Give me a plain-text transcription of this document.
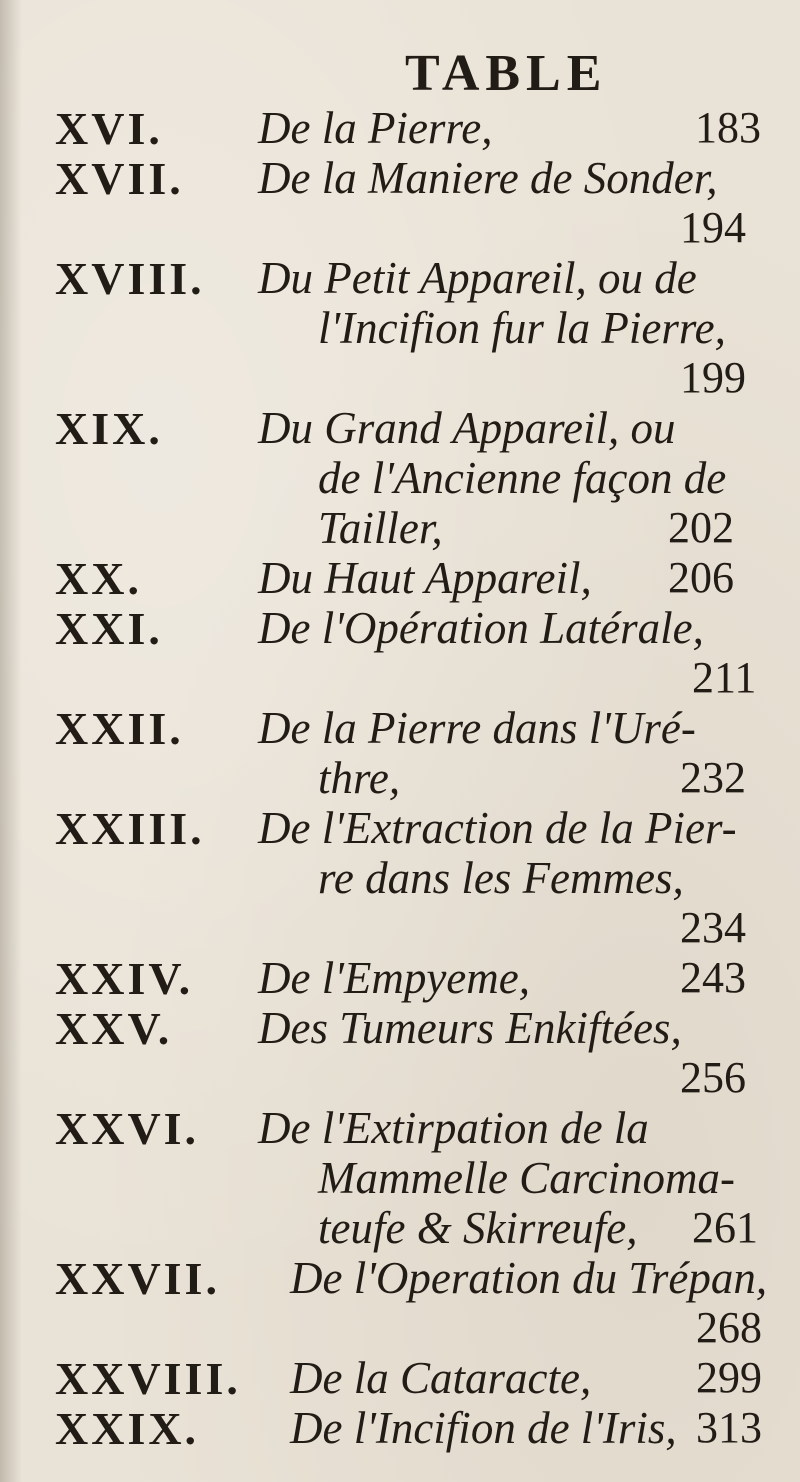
TABLE
XVI. De la Pierre,	183
XVII. De la Maniere de Sonder,
194
XVIII. Du Petit Appareil, ou de
l'Incifion fur la Pierre,
199
XIX. Du Grand Appareil, ou
de l'Ancienne façon de
Tailler,	202
XX.	Du Haut Appareil, 206
XXI. De l'Opération Latérale,
211
XXII. De la Pierre dans l'Uré-
thre,	232
XXIII. De l'Extraction de la Pier-
re dans les Femmes,
234
XXIV. De l'Empyeme,	243
XXV. Des Tumeurs Enkiftées,
256
XXVI. De l'Extirpation de la
Mammelle Carcinoma-
teufe & Skirreufe, 261
XXVII. De l'Operation du Trépan,
268
XXVIII. De la Cataracte, 299
XXIX. De l'Incifion de l'Iris, 313
